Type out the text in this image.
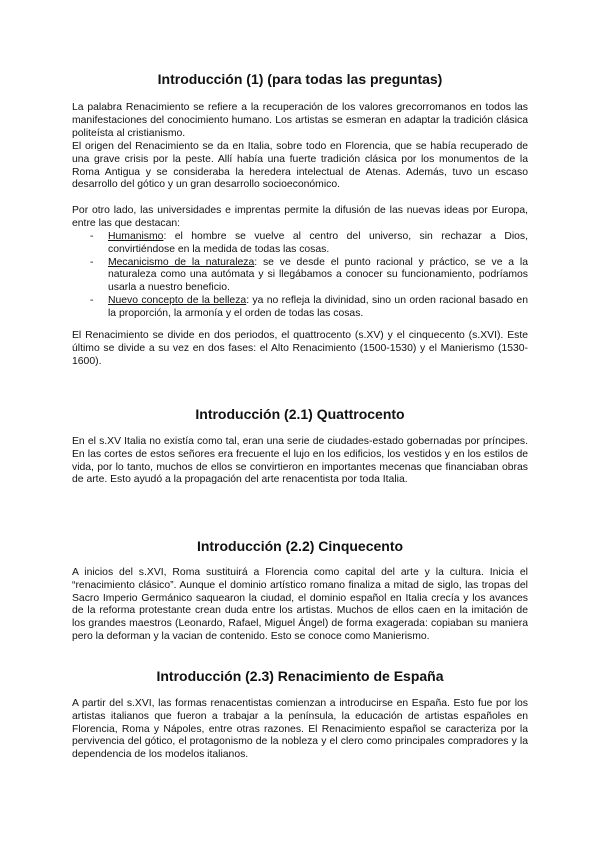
Introducción (1) (para todas las preguntas)

La palabra Renacimiento se refiere a la recuperación de los valores grecorromanos en todos las manifestaciones del conocimiento humano. Los artistas se esmeran en adaptar la tradición clásica politeísta al cristianismo.

El origen del Renacimiento se da en Italia, sobre todo en Florencia, que se había recuperado de una grave crisis por la peste. Allí había una fuerte tradición clásica por los monumentos de la Roma Antigua y se consideraba la heredera intelectual de Atenas. Además, tuvo un escaso desarrollo del gótico y un gran desarrollo socioeconómico.

Por otro lado, las universidades e imprentas permite la difusión de las nuevas ideas por Europa, entre las que destacan:

- Humanismo: el hombre se vuelve al centro del universo, sin rechazar a Dios, convirtiéndose en la medida de todas las cosas.
- Mecanicismo de la naturaleza: se ve desde el punto racional y práctico, se ve a la naturaleza como una autómata y si llegábamos a conocer su funcionamiento, podríamos usarla a nuestro beneficio.
- Nuevo concepto de la belleza: ya no refleja la divinidad, sino un orden racional basado en la proporción, la armonía y el orden de todas las cosas.

El Renacimiento se divide en dos periodos, el quattrocento (s.XV) y el cinquecento (s.XVI). Este último se divide a su vez en dos fases: el Alto Renacimiento (1500-1530) y el Manierismo (1530-1600).

Introducción (2.1) Quattrocento

En el s.XV Italia no existía como tal, eran una serie de ciudades-estado gobernadas por príncipes. En las cortes de estos señores era frecuente el lujo en los edificios, los vestidos y en los estilos de vida, por lo tanto, muchos de ellos se convirtieron en importantes mecenas que financiaban obras de arte. Esto ayudó a la propagación del arte renacentista por toda Italia.

Introducción (2.2) Cinquecento

A inicios del s.XVI, Roma sustituirá a Florencia como capital del arte y la cultura. Inicia el “renacimiento clásico”. Aunque el dominio artístico romano finaliza a mitad de siglo, las tropas del Sacro Imperio Germánico saquearon la ciudad, el dominio español en Italia crecía y los avances de la reforma protestante crean duda entre los artistas. Muchos de ellos caen en la imitación de los grandes maestros (Leonardo, Rafael, Miguel Ángel) de forma exagerada: copiaban su maniera pero la deforman y la vacian de contenido. Esto se conoce como Manierismo.

Introducción (2.3) Renacimiento de España

A partir del s.XVI, las formas renacentistas comienzan a introducirse en España. Esto fue por los artistas italianos que fueron a trabajar a la península, la educación de artistas españoles en Florencia, Roma y Nápoles, entre otras razones. El Renacimiento español se caracteriza por la pervivencia del gótico, el protagonismo de la nobleza y el clero como principales compradores y la dependencia de los modelos italianos.
